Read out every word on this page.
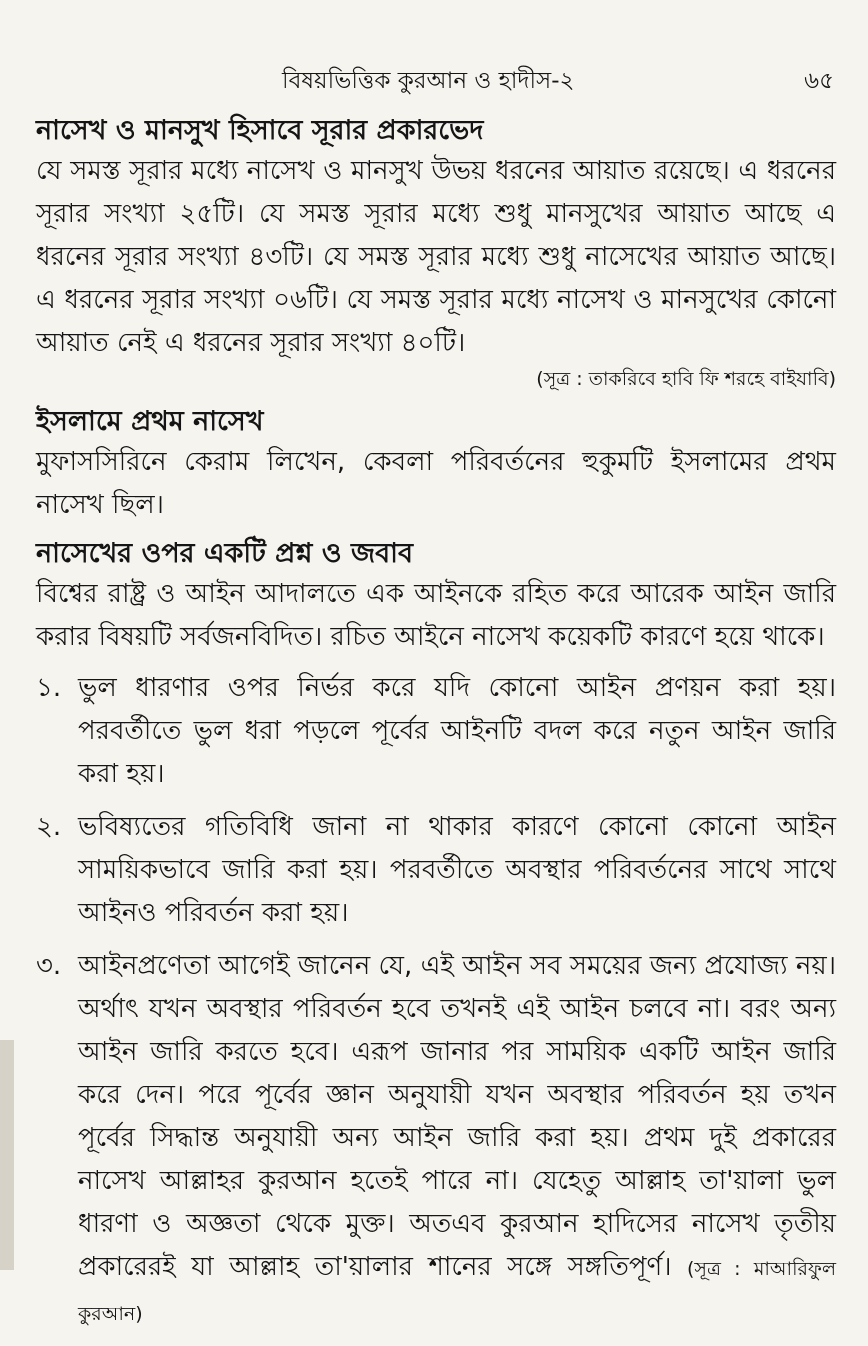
বিষয়ভিত্তিক কুরআন ও হাদীস-২	৬৫
নাসেখ ও মানসুখ হিসাবে সূরার প্রকারভেদ

যে সমস্ত সূরার মধ্যে নাসেখ ও মানসুখ উভয় ধরনের আয়াত রয়েছে। এ ধরনের সূরার সংখ্যা ২৫টি। যে সমস্ত সূরার মধ্যে শুধু মানসুখের আয়াত আছে এ ধরনের সূরার সংখ্যা ৪৩টি। যে সমস্ত সূরার মধ্যে শুধু নাসেখের আয়াত আছে। এ ধরনের সূরার সংখ্যা ০৬টি। যে সমস্ত সূরার মধ্যে নাসেখ ও মানসুখের কোনো আয়াত নেই এ ধরনের সূরার সংখ্যা ৪০টি।

(সূত্র : তাকরিবে হাবি ফি শরহে বাইযাবি)
ইসলামে প্রথম নাসেখ

মুফাসসিরিনে কেরাম লিখেন, কেবলা পরিবর্তনের হুকুমটি ইসলামের প্রথম নাসেখ ছিল।

নাসেখের ওপর একটি প্রশ্ন ও জবাব

বিশ্বের রাষ্ট্র ও আইন আদালতে এক আইনকে রহিত করে আরেক আইন জারি করার বিষয়টি সর্বজনবিদিত। রচিত আইনে নাসেখ কয়েকটি কারণে হয়ে থাকে।

১. ভুল ধারণার ওপর নির্ভর করে যদি কোনো আইন প্রণয়ন করা হয়। পরবর্তীতে ভুল ধরা পড়লে পূর্বের আইনটি বদল করে নতুন আইন জারি করা হয়।
২. ভবিষ্যতের গতিবিধি জানা না থাকার কারণে কোনো কোনো আইন সাময়িকভাবে জারি করা হয়। পরবর্তীতে অবস্থার পরিবর্তনের সাথে সাথে আইনও পরিবর্তন করা হয়।
৩. আইনপ্রণেতা আগেই জানেন যে, এই আইন সব সময়ের জন্য প্রযোজ্য নয়। অর্থাৎ যখন অবস্থার পরিবর্তন হবে তখনই এই আইন চলবে না। বরং অন্য আইন জারি করতে হবে। এরূপ জানার পর সাময়িক একটি আইন জারি করে দেন। পরে পূর্বের জ্ঞান অনুযায়ী যখন অবস্থার পরিবর্তন হয় তখন পূর্বের সিদ্ধান্ত অনুযায়ী অন্য আইন জারি করা হয়। প্রথম দুই প্রকারের নাসেখ আল্লাহর কুরআন হতেই পারে না। যেহেতু আল্লাহ তা'য়ালা ভুল ধারণা ও অজ্ঞতা থেকে মুক্ত। অতএব কুরআন হাদিসের নাসেখ তৃতীয় প্রকারেরই যা আল্লাহ তা'য়ালার শানের সঙ্গে সঙ্গতিপূর্ণ। (সূত্র : মাআরিফুল কুরআন)
